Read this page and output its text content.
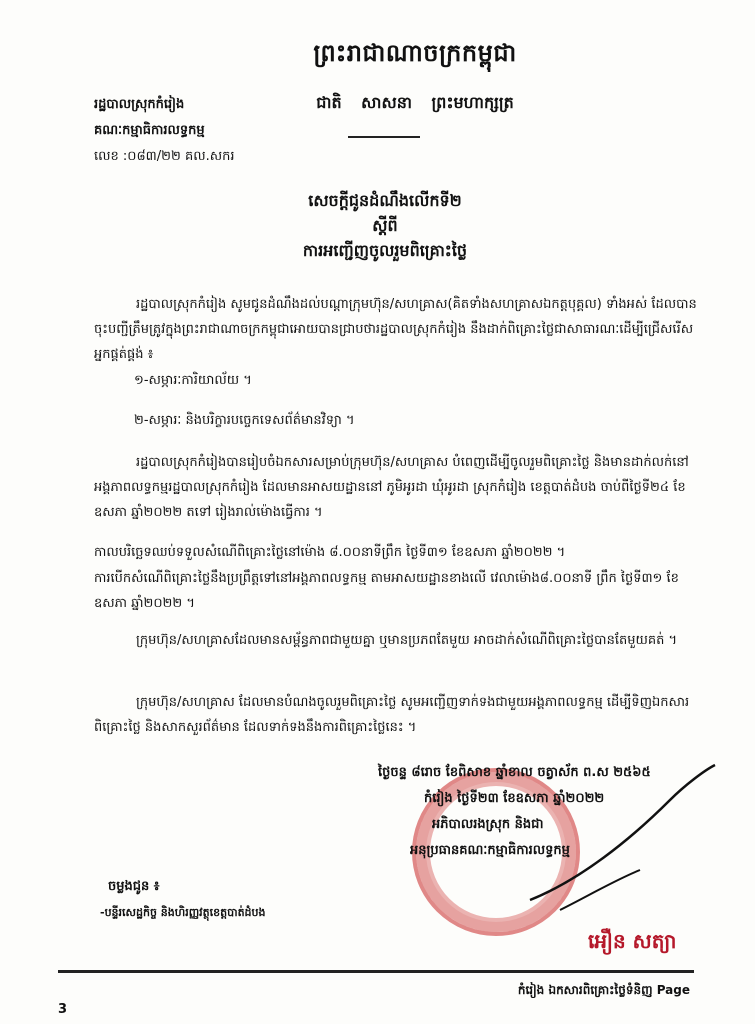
ព្រះរាជាណាចក្រកម្ពុជា
ជាតិ សាសនា ព្រះមហាក្សត្រ
រដ្ឋបាលស្រុកកំរៀង
គណៈកម្មាធិការលទ្ធកម្ម
លេខ :០៨៣/២២ គល.សករ
សេចក្តីជូនដំណឹងលើកទី២
ស្តីពី
ការអញ្ជើញចូលរួមពិគ្រោះថ្លៃ
រដ្ឋបាលស្រុកកំរៀង សូមជូនដំណឹងដល់បណ្តាក្រុមហ៊ុន/សហគ្រាស(គិតទាំងសហគ្រាសឯកត្តបុគ្គល) ទាំងអស់ ដែលបានចុះបញ្ជីត្រឹមត្រូវក្នុងព្រះរាជាណាចក្រកម្ពុជាអោយបានជ្រាបថារដ្ឋបាលស្រុកកំរៀង នឹងដាក់ពិគ្រោះថ្លៃជាសាធារណៈដើម្បីជ្រើសរើសអ្នកផ្គត់ផ្គង់ ៖
១-សម្ភារៈការិយាល័យ ។
២-សម្ភារៈ និងបរិក្ខារបច្ចេកទេសព័ត៌មានវិទ្យា ។
រដ្ឋបាលស្រុកកំរៀងបានរៀបចំឯកសារសម្រាប់ក្រុមហ៊ុន/សហគ្រាស បំពេញដើម្បីចូលរួមពិគ្រោះថ្លៃ និងមានដាក់លក់នៅអង្គភាពលទ្ធកម្មរដ្ឋបាលស្រុកកំរៀង ដែលមានអាសយដ្ឋាននៅ ភូមិអូរដា ឃុំអូរដា ស្រុកកំរៀង ខេត្តបាត់ដំបង ចាប់ពីថ្ងៃទី២៤ ខែឧសភា ឆ្នាំ២០២២ តទៅ រៀងរាល់ម៉ោងធ្វើការ ។
កាលបរិច្ឆេទឈប់ទទួលសំណើពិគ្រោះថ្លៃនៅម៉ោង ៨.០០នាទីព្រឹក ថ្ងៃទី៣១ ខែឧសភា ឆ្នាំ២០២២ ។
ការបើកសំណើពិគ្រោះថ្លៃនឹងប្រព្រឹត្តទៅនៅអង្គភាពលទ្ធកម្ម តាមអាសយដ្ឋានខាងលើ វេលាម៉ោង៨.០០នាទី ព្រឹក ថ្ងៃទី៣១ ខែឧសភា ឆ្នាំ២០២២ ។
ក្រុមហ៊ុន/សហគ្រាសដែលមានសម្ព័ន្ធភាពជាមួយគ្នា ឬមានប្រភពតែមួយ អាចដាក់សំណើពិគ្រោះថ្លៃបានតែមួយគត់ ។
ក្រុមហ៊ុន/សហគ្រាស ដែលមានបំណងចូលរួមពិគ្រោះថ្លៃ សូមអញ្ជើញទាក់ទងជាមួយអង្គភាពលទ្ធកម្ម ដើម្បីទិញឯកសារពិគ្រោះថ្លៃ និងសាកសួរព័ត៌មាន ដែលទាក់ទងនឹងការពិគ្រោះថ្លៃនេះ ។
ថ្ងៃចន្ទ ៨រោច ខែពិសាខ ឆ្នាំខាល ចត្វាស័ក ព.ស ២៥៦៥
កំរៀង ថ្ងៃទី២៣ ខែឧសភា ឆ្នាំ២០២២
អភិបាលរងស្រុក និងជា
អនុប្រធានគណៈកម្មាធិការលទ្ធកម្ម
អឿន សត្យា
ចម្លងជូន ៖
-បន្ទីរសេដ្ឋកិច្ច និងហិរញ្ញវត្ថុខេត្តបាត់ដំបង
កំរៀង ឯកសារពិគ្រោះថ្លៃទំនិញ Page
3
